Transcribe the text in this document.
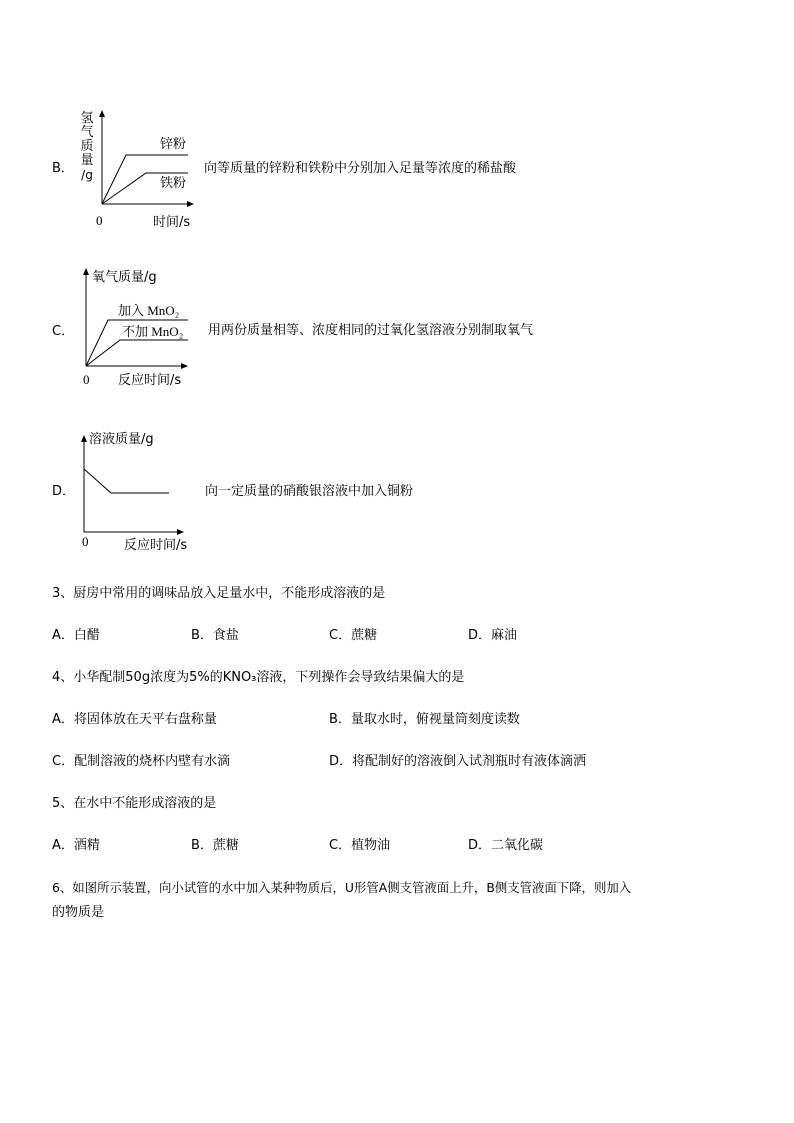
B．
氢
气
质
量
/g
锌粉
铁粉
0	时间/s
向等质量的锌粉和铁粉中分别加入足量等浓度的稀盐酸
C．
氧气质量/g
加入 MnO₂
不加 MnO₂
0 反应时间/s
用两份质量相等、浓度相同的过氧化氢溶液分别制取氧气
D．
溶液质量/g
0	反应时间/s
向一定质量的硝酸银溶液中加入铜粉
3、厨房中常用的调味品放入足量水中，不能形成溶液的是
A．白醋	B．食盐	C．蔗糖	D．麻油
4、小华配制50g浓度为5%的KNO₃溶液，下列操作会导致结果偏大的是
A．将固体放在天平右盘称量	B．量取水时，俯视量筒刻度读数
C．配制溶液的烧杯内壁有水滴	D．将配制好的溶液倒入试剂瓶时有液体滴洒
5、在水中不能形成溶液的是
A．酒精	B．蔗糖	C．植物油	D．二氧化碳
6、如图所示装置，向小试管的水中加入某种物质后，U形管A侧支管液面上升，B侧支管液面下降，则加入
的物质是
